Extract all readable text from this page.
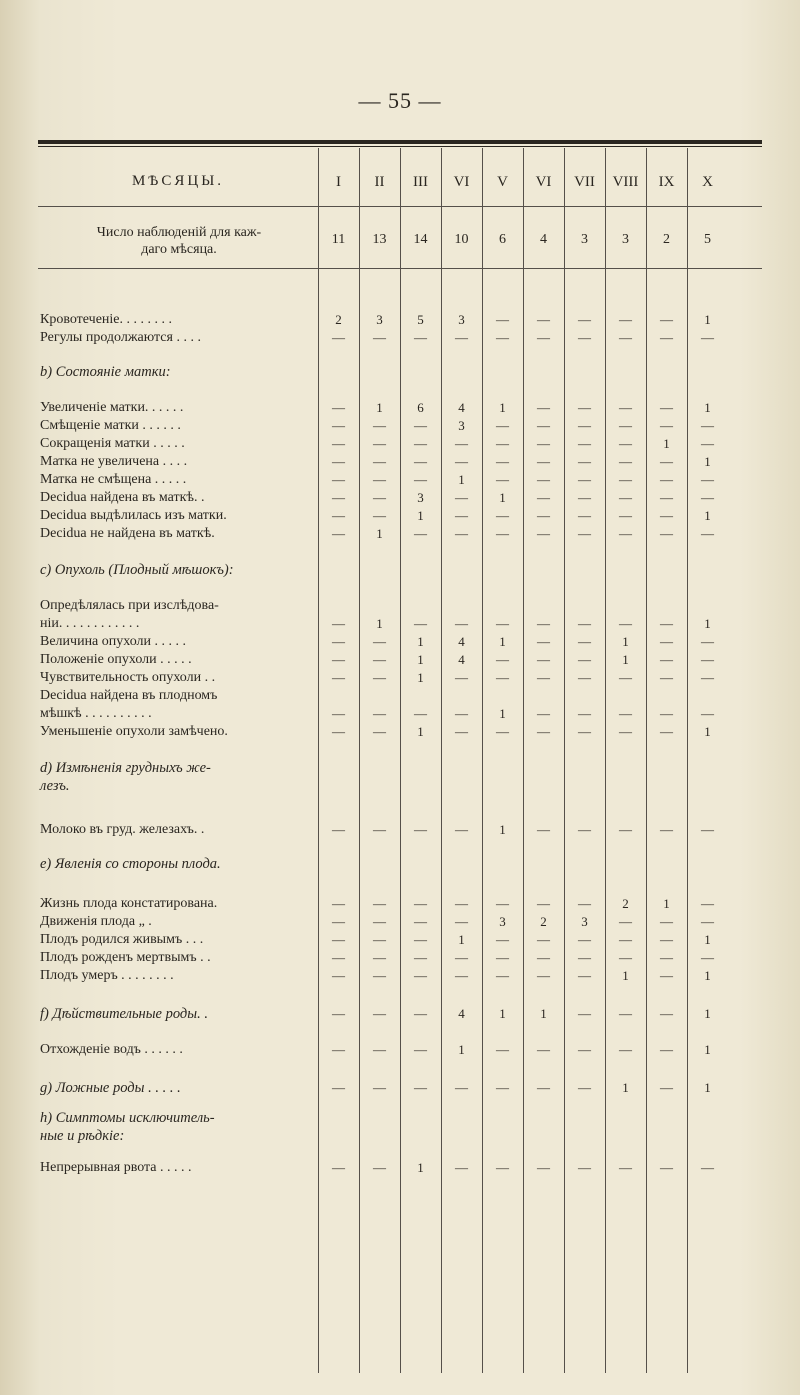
— 55 —
МѢСЯЦЫ.	I	II	III	VI	V	VI	VII	VIII	IX	X
Число наблюденій для каж-
даго мѣсяца.
11	13	14	10	6	4	3	3	2	5
Кровотеченіе. . . . . . . .	2	3	5	3	—	—	—	—	—	1
Регулы продолжаются . . . .	—	—	—	—	—	—	—	—	—	—
b) Состояніе матки:
Увеличеніе матки. . . . . .	—	1	6	4	1	—	—	—	—	1
Смѣщеніе матки . . . . . .	—	—	—	3	—	—	—	—	—	—
Сокращенія матки . . . . .	—	—	—	—	—	—	—	—	1	—
Матка не увеличена . . . .	—	—	—	—	—	—	—	—	—	1
Матка не смѣщена . . . . .	—	—	—	1	—	—	—	—	—	—
Decidua найдена въ маткѣ. .	—	—	3	—	1	—	—	—	—	—
Decidua выдѣлилась изъ матки.	—	—	1	—	—	—	—	—	—	1
Decidua не найдена въ маткѣ.	—	1	—	—	—	—	—	—	—	—
c) Опухоль (Плодный мѣшокъ):
Опредѣлялась при изслѣдова-
ніи. . . . . . . . . . . .	—	1	—	—	—	—	—	—	—	1
Величина опухоли . . . . .	—	—	1	4	1	—	—	1	—	—
Положеніе опухоли . . . . .	—	—	1	4	—	—	—	1	—	—
Чувствительность опухоли . .	—	—	1	—	—	—	—	—	—	—
Decidua найдена въ плодномъ
мѣшкѣ . . . . . . . . . .	—	—	—	—	1	—	—	—	—	—
Уменьшеніе опухоли замѣчено.	—	—	1	—	—	—	—	—	—	1
d) Измѣненія грудныхъ же-
лезъ.
Молоко въ груд. железахъ. .	—	—	—	—	1	—	—	—	—	—
e) Явленія со стороны плода.
Жизнь плода констатирована.	—	—	—	—	—	—	—	2	1	—
Движенія плода „ .	—	—	—	—	3	2	3	—	—	—
Плодъ родился живымъ . . .	—	—	—	1	—	—	—	—	—	1
Плодъ рожденъ мертвымъ . .	—	—	—	—	—	—	—	—	—	—
Плодъ умеръ . . . . . . . .	—	—	—	—	—	—	—	1	—	1
f) Дѣйствительные роды. .	—	—	—	4	1	1	—	—	—	1
Отхожденіе водъ . . . . . .	—	—	—	1	—	—	—	—	—	1
g) Ложные роды . . . . .	—	—	—	—	—	—	—	1	—	1
h) Симптомы исключитель-
ные и рѣдкіе:
Непрерывная рвота . . . . .	—	—	1	—	—	—	—	—	—	—
